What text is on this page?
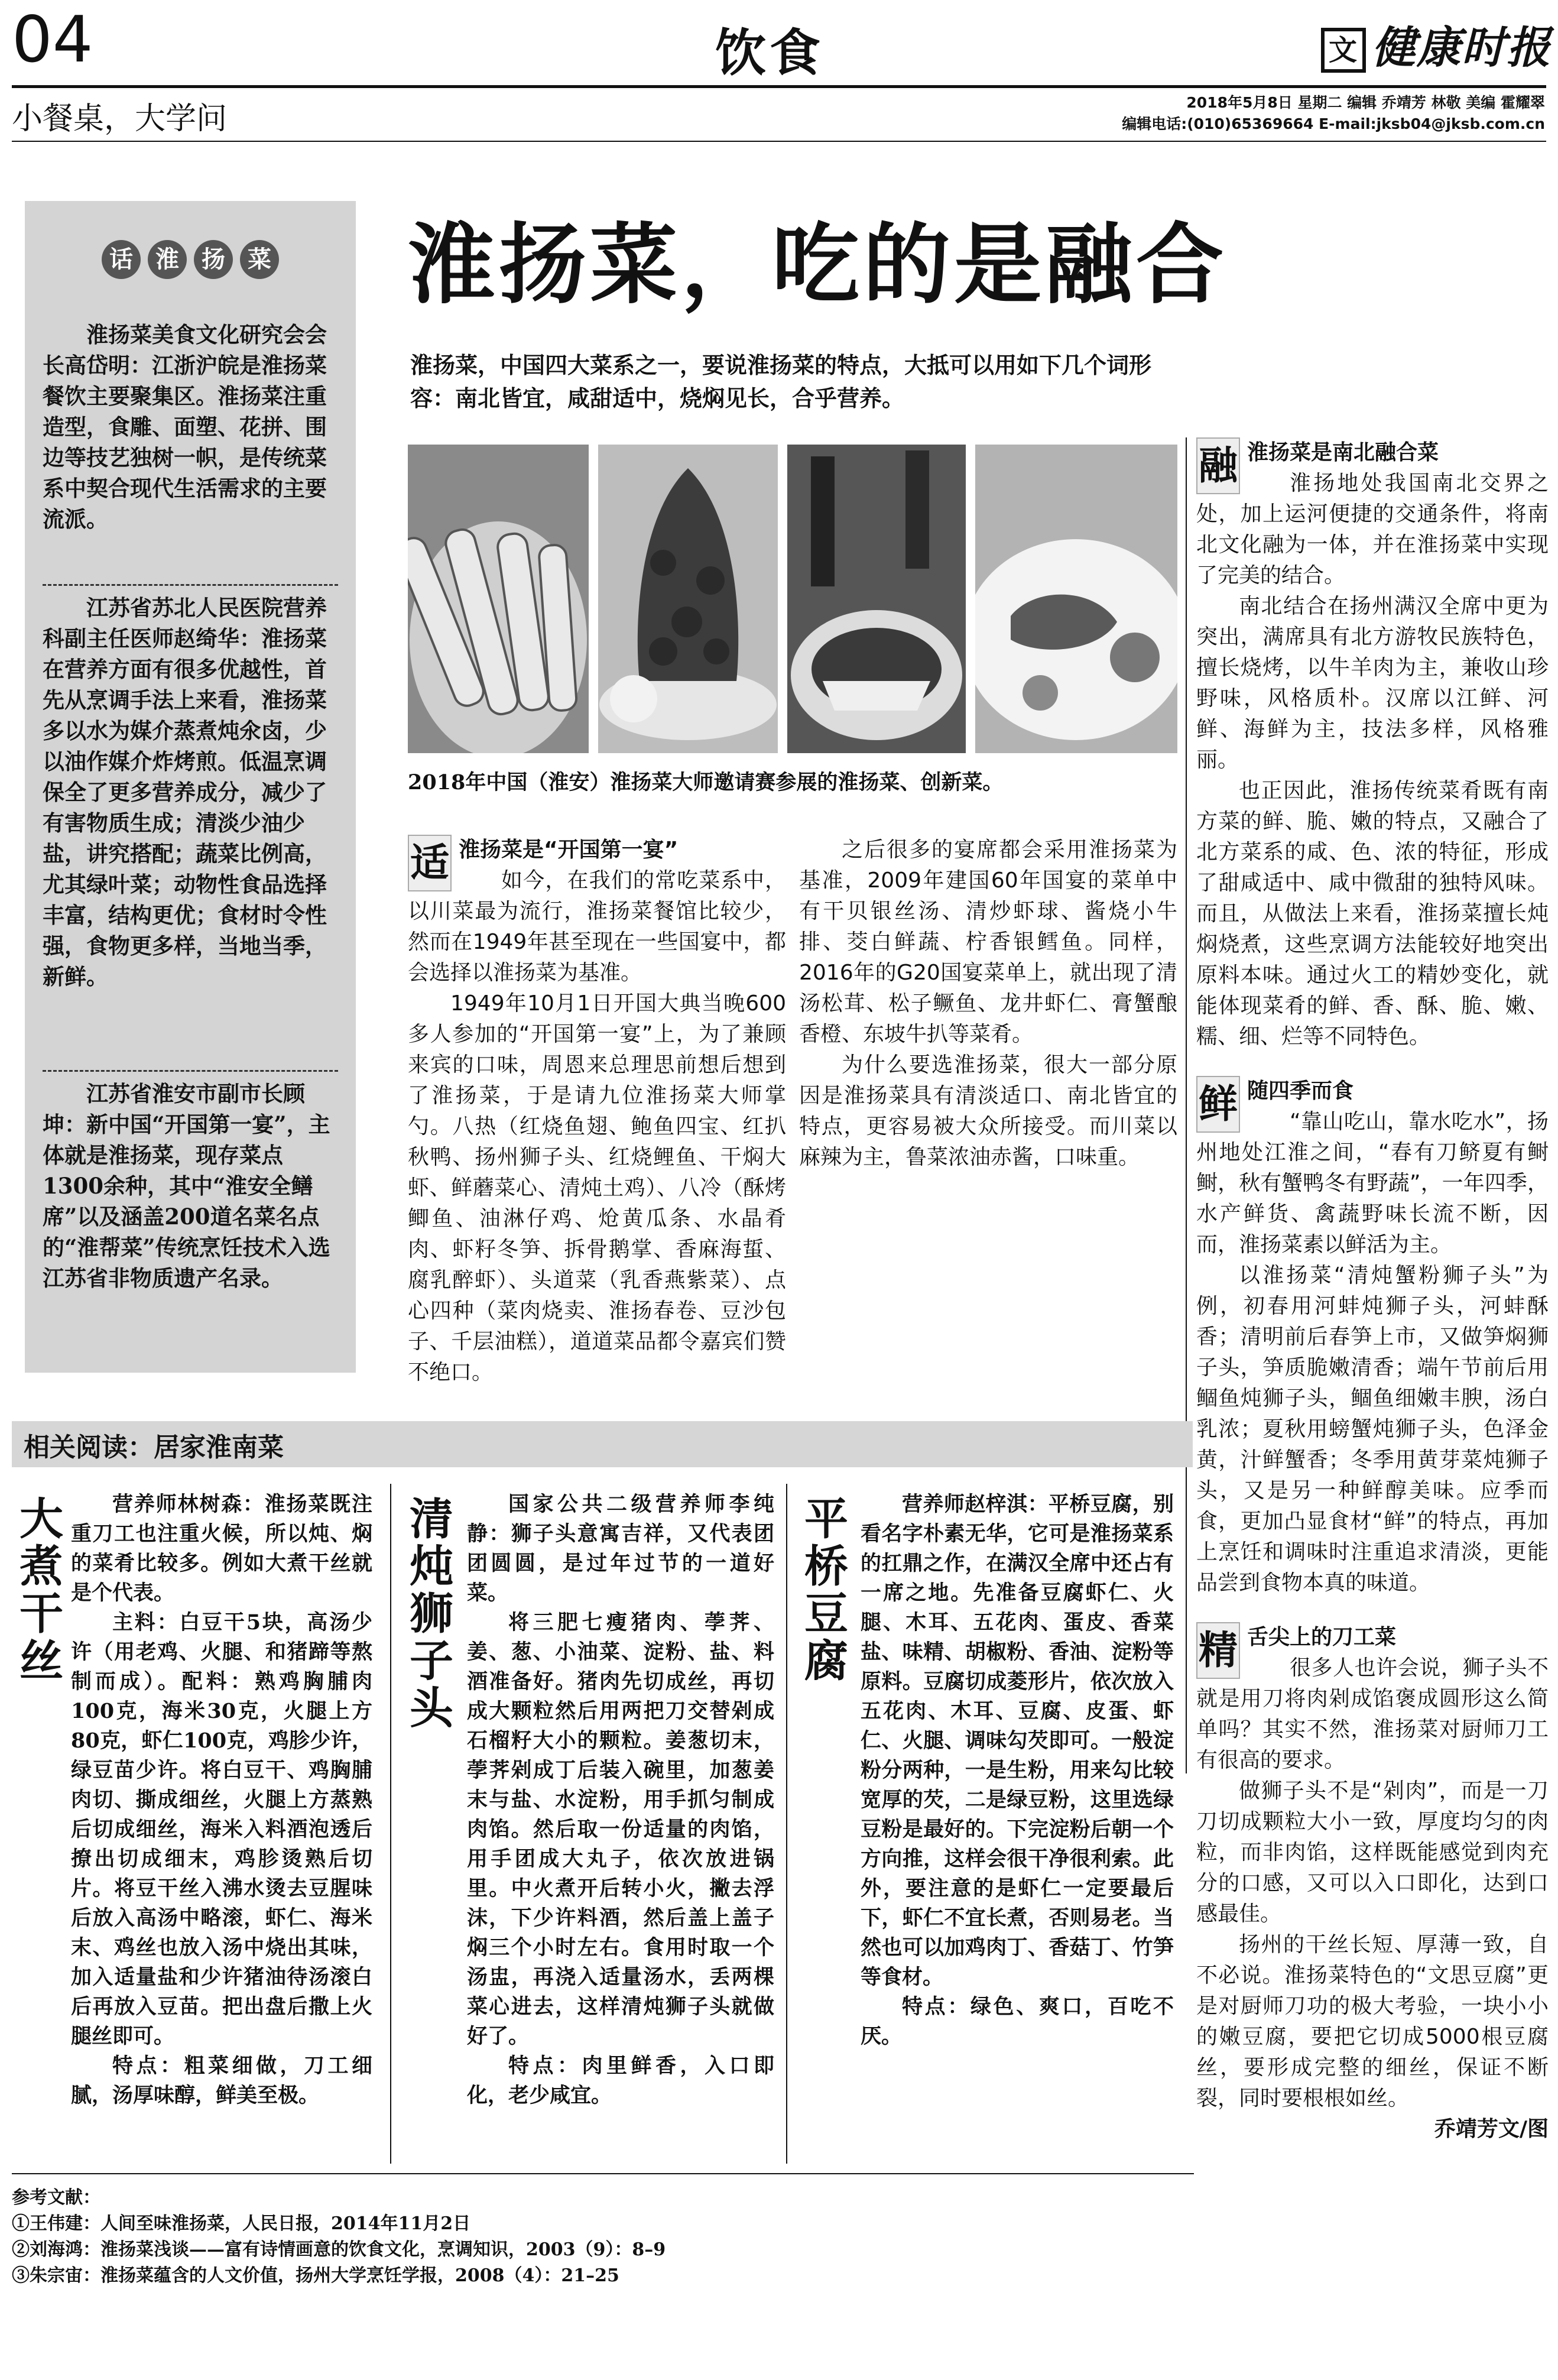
04	饮食	文 健康时报
小餐桌，大学问	2018年5月8日 星期二 编辑 乔靖芳 林敬 美编 霍耀翠
编辑电话:(010)65369664 E-mail:jksb04@jksb.com.cn
话 淮 扬 菜

淮扬菜美食文化研究会会长高岱明：江浙沪皖是淮扬菜餐饮主要聚集区。淮扬菜注重造型，食雕、面塑、花拼、围边等技艺独树一帜，是传统菜系中契合现代生活需求的主要流派。

江苏省苏北人民医院营养科副主任医师赵绮华：淮扬菜在营养方面有很多优越性，首先从烹调手法上来看，淮扬菜多以水为媒介蒸煮炖氽卤，少以油作媒介炸烤煎。低温烹调保全了更多营养成分，减少了有害物质生成；清淡少油少盐，讲究搭配；蔬菜比例高，尤其绿叶菜；动物性食品选择丰富，结构更优；食材时令性强，食物更多样，当地当季，新鲜。

江苏省淮安市副市长顾坤：新中国“开国第一宴”，主体就是淮扬菜，现存菜点1300余种，其中“淮安全鳝席”以及涵盖200道名菜名点的“淮帮菜”传统烹饪技术入选江苏省非物质遗产名录。

淮扬菜，吃的是融合
淮扬菜，中国四大菜系之一，要说淮扬菜的特点，大抵可以用如下几个词形容：南北皆宜，咸甜适中，烧焖见长，合乎营养。
2018年中国（淮安）淮扬菜大师邀请赛参展的淮扬菜、创新菜。
适 淮扬菜是“开国第一宴”

如今，在我们的常吃菜系中，以川菜最为流行，淮扬菜餐馆比较少，然而在1949年甚至现在一些国宴中，都会选择以淮扬菜为基准。

1949年10月1日开国大典当晚600多人参加的“开国第一宴”上，为了兼顾来宾的口味，周恩来总理思前想后想到了淮扬菜，于是请九位淮扬菜大师掌勺。八热（红烧鱼翅、鲍鱼四宝、红扒秋鸭、扬州狮子头、红烧鲤鱼、干焖大虾、鲜蘑菜心、清炖土鸡）、八冷（酥烤鲫鱼、油淋仔鸡、炝黄瓜条、水晶肴肉、虾籽冬笋、拆骨鹅掌、香麻海蜇、腐乳醉虾）、头道菜（乳香燕紫菜）、点心四种（菜肉烧卖、淮扬春卷、豆沙包子、千层油糕），道道菜品都令嘉宾们赞不绝口。

之后很多的宴席都会采用淮扬菜为基准，2009年建国60年国宴的菜单中有干贝银丝汤、清炒虾球、酱烧小牛排、茭白鲜蔬、柠香银鳕鱼。同样，2016年的G20国宴菜单上，就出现了清汤松茸、松子鳜鱼、龙井虾仁、膏蟹酿香橙、东坡牛扒等菜肴。

为什么要选淮扬菜，很大一部分原因是淮扬菜具有清淡适口、南北皆宜的特点，更容易被大众所接受。而川菜以麻辣为主，鲁菜浓油赤酱，口味重。

融 淮扬菜是南北融合菜

淮扬地处我国南北交界之处，加上运河便捷的交通条件，将南北文化融为一体，并在淮扬菜中实现了完美的结合。

南北结合在扬州满汉全席中更为突出，满席具有北方游牧民族特色，擅长烧烤，以牛羊肉为主，兼收山珍野味，风格质朴。汉席以江鲜、河鲜、海鲜为主，技法多样，风格雅丽。

也正因此，淮扬传统菜肴既有南方菜的鲜、脆、嫩的特点，又融合了北方菜系的咸、色、浓的特征，形成了甜咸适中、咸中微甜的独特风味。而且，从做法上来看，淮扬菜擅长炖焖烧煮，这些烹调方法能较好地突出原料本味。通过火工的精妙变化，就能体现菜肴的鲜、香、酥、脆、嫩、糯、细、烂等不同特色。

鲜 随四季而食

“靠山吃山，靠水吃水”，扬州地处江淮之间，“春有刀鲚夏有鲥鲥，秋有蟹鸭冬有野蔬”，一年四季，水产鲜货、禽蔬野味长流不断，因而，淮扬菜素以鲜活为主。

以淮扬菜“清炖蟹粉狮子头”为例，初春用河蚌炖狮子头，河蚌酥香；清明前后春笋上市，又做笋焖狮子头，笋质脆嫩清香；端午节前后用鲴鱼炖狮子头，鲴鱼细嫩丰腴，汤白乳浓；夏秋用螃蟹炖狮子头，色泽金黄，汁鲜蟹香；冬季用黄芽菜炖狮子头，又是另一种鲜醇美味。应季而食，更加凸显食材“鲜”的特点，再加上烹饪和调味时注重追求清淡，更能品尝到食物本真的味道。

精 舌尖上的刀工菜

很多人也许会说，狮子头不就是用刀将肉剁成馅褒成圆形这么简单吗？其实不然，淮扬菜对厨师刀工有很高的要求。

做狮子头不是“剁肉”，而是一刀刀切成颗粒大小一致，厚度均匀的肉粒，而非肉馅，这样既能感觉到肉充分的口感，又可以入口即化，达到口感最佳。

扬州的干丝长短、厚薄一致，自不必说。淮扬菜特色的“文思豆腐”更是对厨师刀功的极大考验，一块小小的嫩豆腐，要把它切成5000根豆腐丝，要形成完整的细丝，保证不断裂，同时要根根如丝。

乔靖芳文/图
相关阅读：居家淮南菜
大煮干丝

营养师林树森：淮扬菜既注重刀工也注重火候，所以炖、焖的菜肴比较多。例如大煮干丝就是个代表。

主料：白豆干5块，高汤少许（用老鸡、火腿、和猪蹄等熬制而成）。配料：熟鸡胸脯肉100克，海米30克，火腿上方80克，虾仁100克，鸡胗少许，绿豆苗少许。将白豆干、鸡胸脯肉切、撕成细丝，火腿上方蒸熟后切成细丝，海米入料酒泡透后撩出切成细末，鸡胗烫熟后切片。将豆干丝入沸水烫去豆腥味后放入高汤中略滚，虾仁、海米末、鸡丝也放入汤中烧出其味，加入适量盐和少许猪油待汤滚白后再放入豆苗。把出盘后撒上火腿丝即可。

特点：粗菜细做，刀工细腻，汤厚味醇，鲜美至极。

清炖狮子头

国家公共二级营养师李纯静：狮子头意寓吉祥，又代表团团圆圆，是过年过节的一道好菜。

将三肥七瘦猪肉、荸荠、姜、葱、小油菜、淀粉、盐、料酒准备好。猪肉先切成丝，再切成大颗粒然后用两把刀交替剁成石榴籽大小的颗粒。姜葱切末，荸荠剁成丁后装入碗里，加葱姜末与盐、水淀粉，用手抓匀制成肉馅。然后取一份适量的肉馅，用手团成大丸子，依次放进锅里。中火煮开后转小火，撇去浮沫，下少许料酒，然后盖上盖子焖三个小时左右。食用时取一个汤盅，再浇入适量汤水，丢两棵菜心进去，这样清炖狮子头就做好了。

特点：肉里鲜香，入口即化，老少咸宜。

平桥豆腐

营养师赵梓淇：平桥豆腐，别看名字朴素无华，它可是淮扬菜系的扛鼎之作，在满汉全席中还占有一席之地。先准备豆腐虾仁、火腿、木耳、五花肉、蛋皮、香菜盐、味精、胡椒粉、香油、淀粉等原料。豆腐切成菱形片，依次放入五花肉、木耳、豆腐、皮蛋、虾仁、火腿、调味勾芡即可。一般淀粉分两种，一是生粉，用来勾比较宽厚的芡，二是绿豆粉，这里选绿豆粉是最好的。下完淀粉后朝一个方向推，这样会很干净很利索。此外，要注意的是虾仁一定要最后下，虾仁不宜长煮，否则易老。当然也可以加鸡肉丁、香菇丁、竹笋等食材。

特点：绿色、爽口，百吃不厌。

参考文献：
①王伟建：人间至味淮扬菜，人民日报，2014年11月2日
②刘海鸿：淮扬菜浅谈——富有诗情画意的饮食文化，烹调知识，2003（9）：8–9
③朱宗宙：淮扬菜蕴含的人文价值，扬州大学烹饪学报，2008（4）：21–25
